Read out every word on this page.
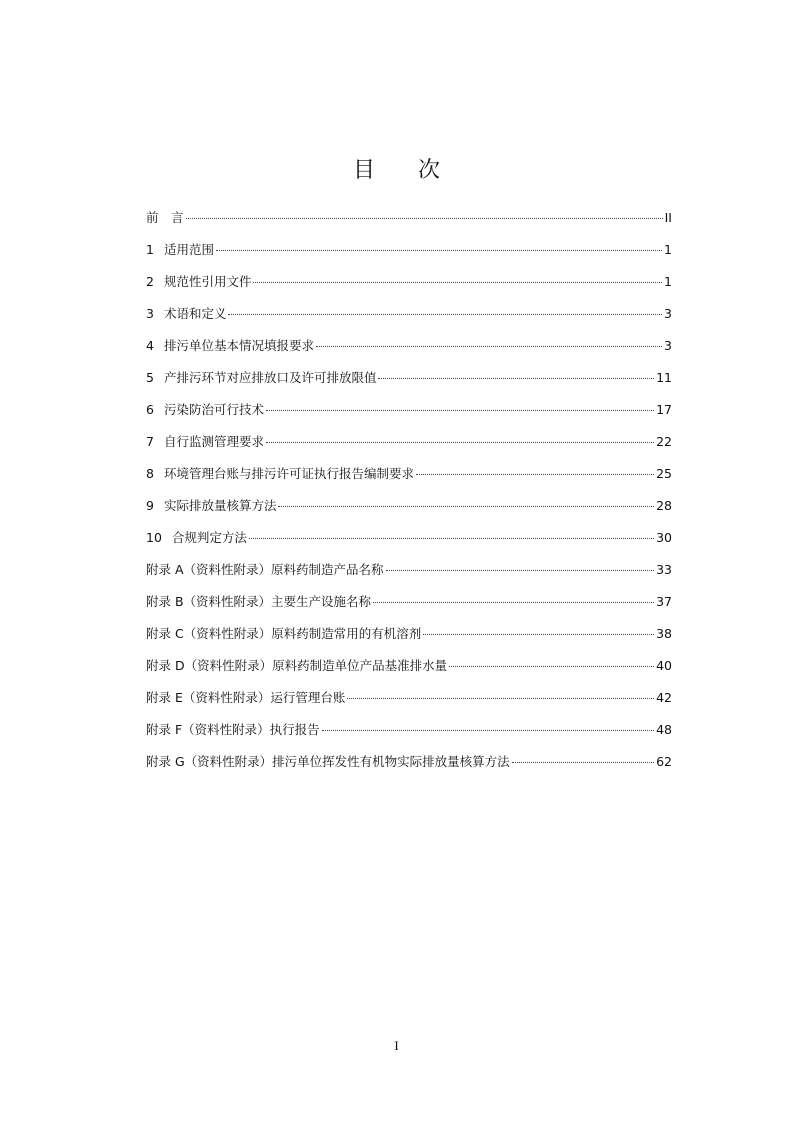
目 次
前　言	II
1 适用范围	1
2 规范性引用文件	1
3 术语和定义	3
4 排污单位基本情况填报要求	3
5 产排污环节对应排放口及许可排放限值	11
6 污染防治可行技术	17
7 自行监测管理要求	22
8 环境管理台账与排污许可证执行报告编制要求	25
9 实际排放量核算方法	28
10 合规判定方法	30
附录 A（资料性附录）原料药制造产品名称	33
附录 B（资料性附录）主要生产设施名称	37
附录 C（资料性附录）原料药制造常用的有机溶剂	38
附录 D（资料性附录）原料药制造单位产品基准排水量	40
附录 E（资料性附录）运行管理台账	42
附录 F（资料性附录）执行报告	48
附录 G（资料性附录）排污单位挥发性有机物实际排放量核算方法	62
I
